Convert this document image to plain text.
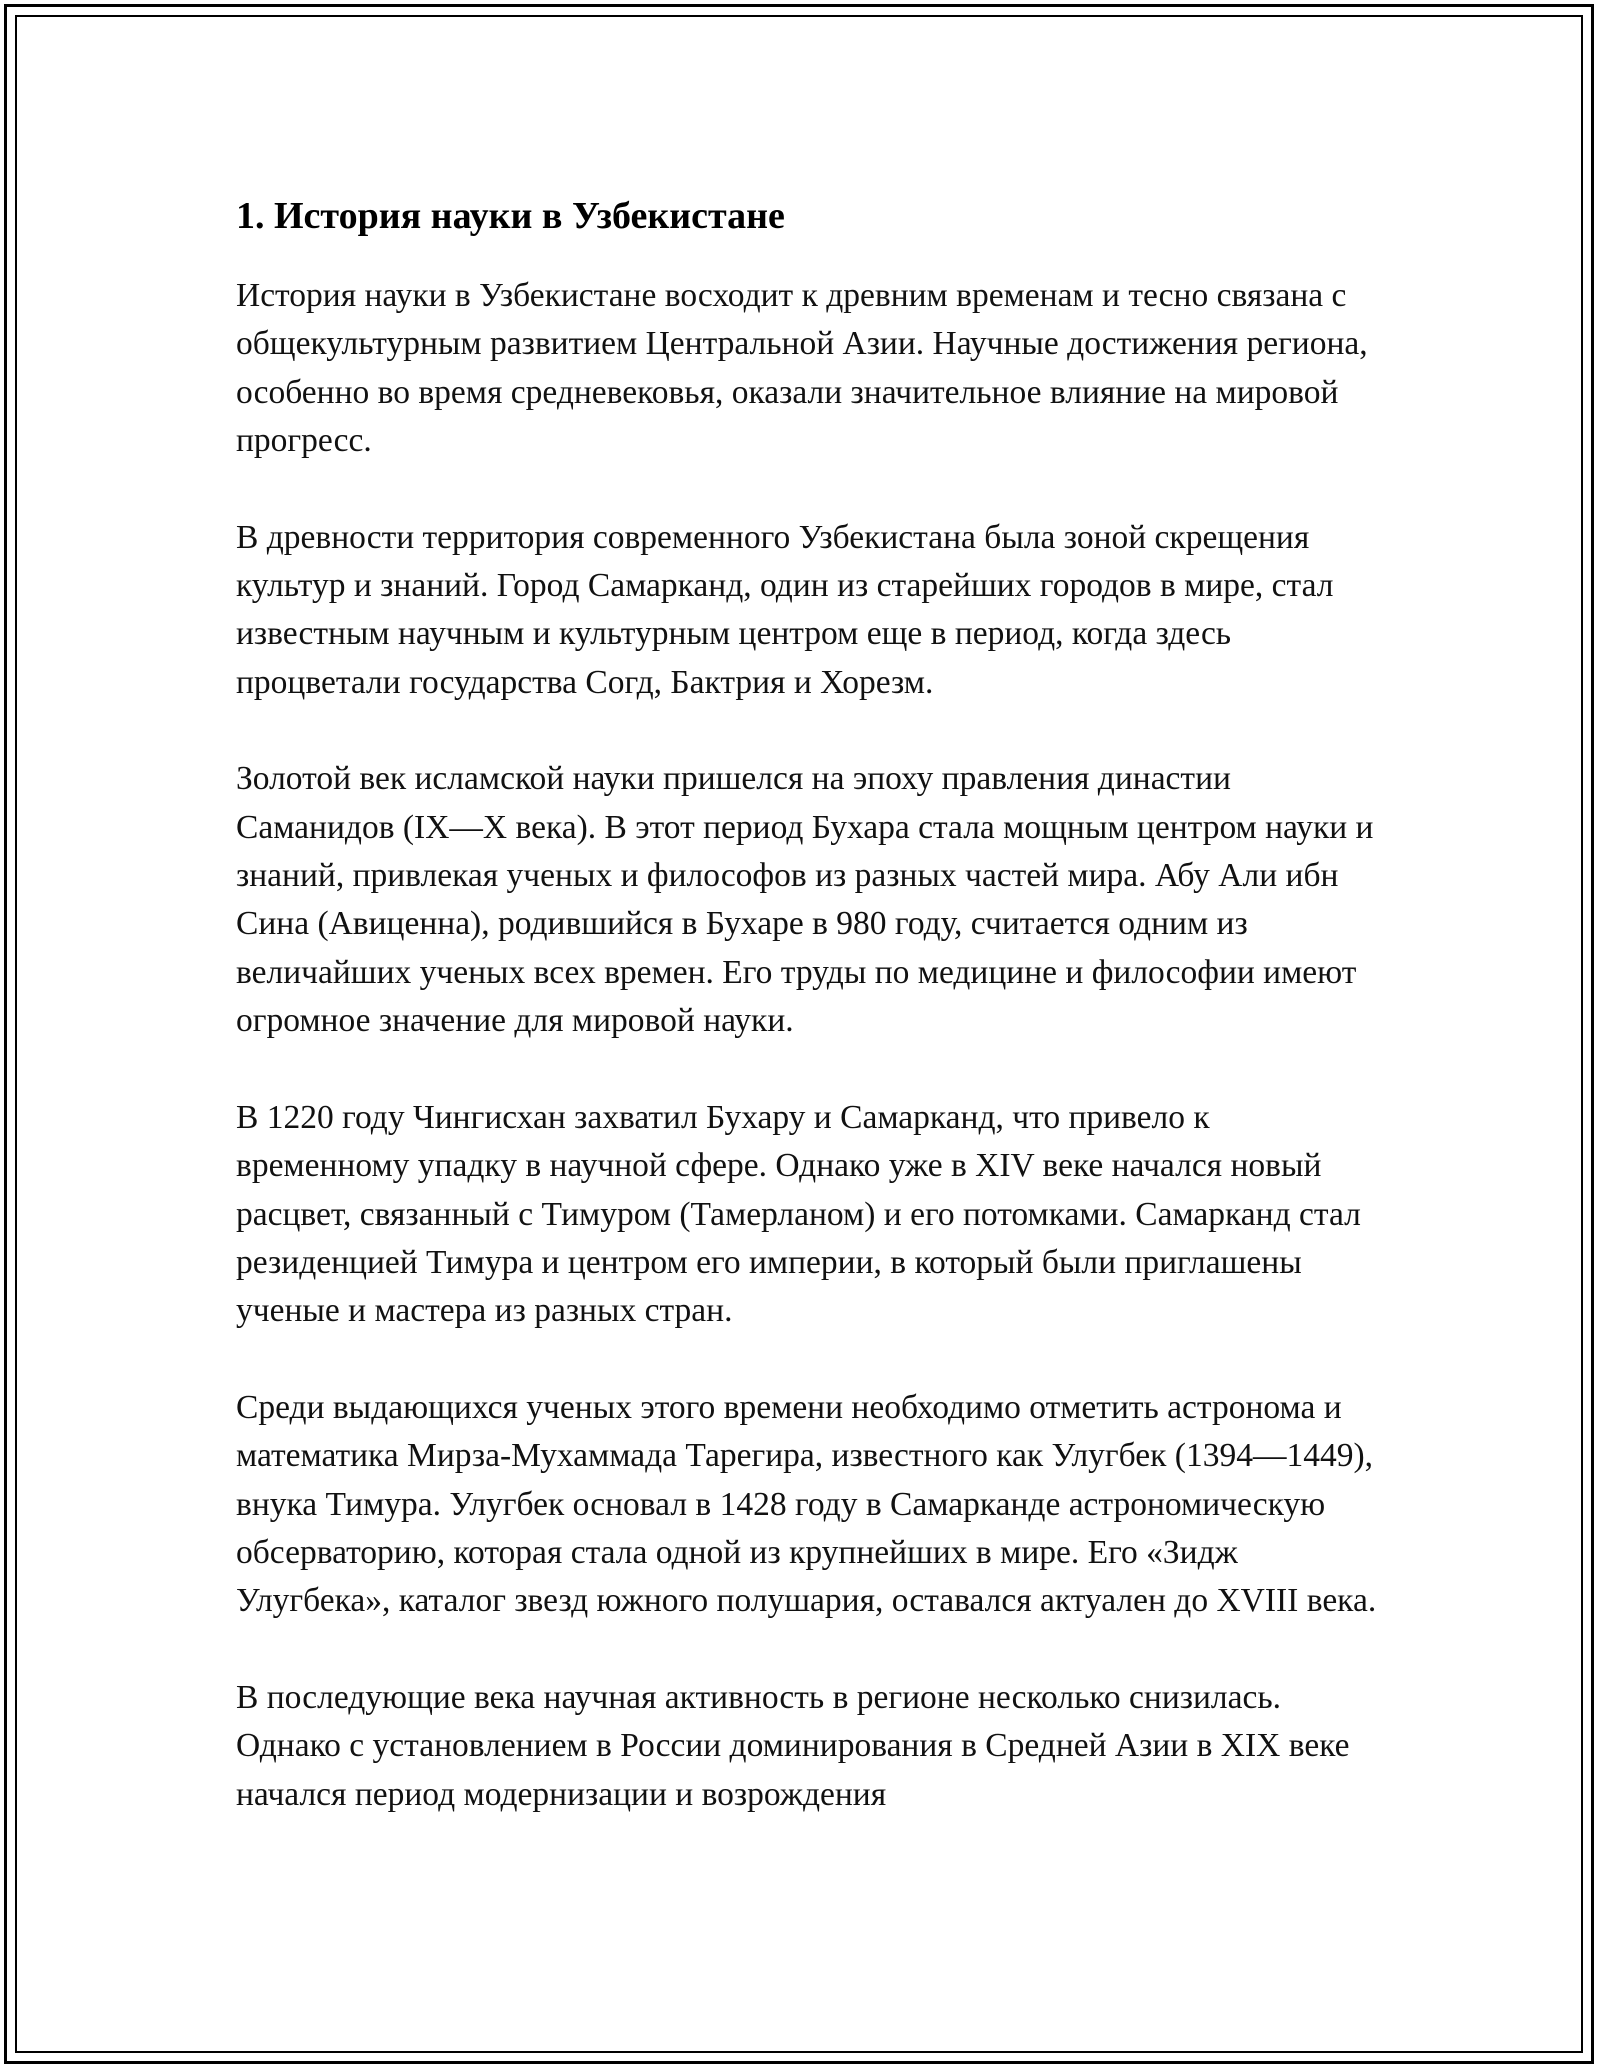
1. История науки в Узбекистане

История науки в Узбекистане восходит к древним временам и тесно связана с общекультурным развитием Центральной Азии. Научные достижения региона, особенно во время средневековья, оказали значительное влияние на мировой прогресс.

В древности территория современного Узбекистана была зоной скрещения культур и знаний. Город Самарканд, один из старейших городов в мире, стал известным научным и культурным центром еще в период, когда здесь процветали государства Согд, Бактрия и Хорезм.

Золотой век исламской науки пришелся на эпоху правления династии Саманидов (IX—X века). В этот период Бухара стала мощным центром науки и знаний, привлекая ученых и философов из разных частей мира. Абу Али ибн Сина (Авиценна), родившийся в Бухаре в 980 году, считается одним из величайших ученых всех времен. Его труды по медицине и философии имеют огромное значение для мировой науки.

В 1220 году Чингисхан захватил Бухару и Самарканд, что привело к временному упадку в научной сфере. Однако уже в XIV веке начался новый расцвет, связанный с Тимуром (Тамерланом) и его потомками. Самарканд стал резиденцией Тимура и центром его империи, в который были приглашены ученые и мастера из разных стран.

Среди выдающихся ученых этого времени необходимо отметить астронома и математика Мирза-Мухаммада Тарегира, известного как Улугбек (1394—1449), внука Тимура. Улугбек основал в 1428 году в Самарканде астрономическую обсерваторию, которая стала одной из крупнейших в мире. Его «Зидж Улугбека», каталог звезд южного полушария, оставался актуален до XVIII века.

В последующие века научная активность в регионе несколько снизилась. Однако с установлением в России доминирования в Средней Азии в XIX веке начался период модернизации и возрождения
